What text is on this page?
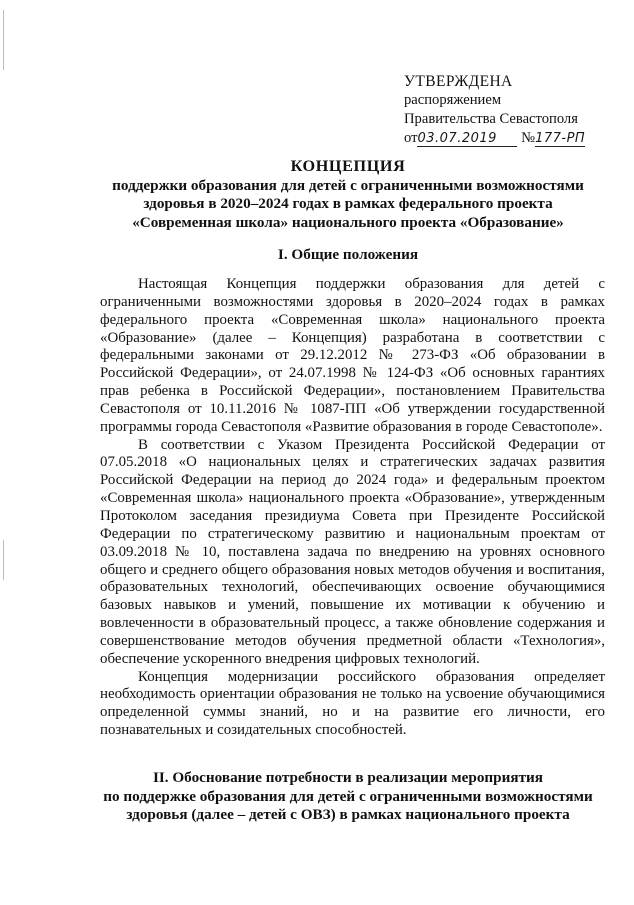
УТВЕРЖДЕНА
распоряжением
Правительства Севастополя
от03.07.2019 №177-РП
КОНЦЕПЦИЯ
поддержки образования для детей с ограниченными возможностями
здоровья в 2020–2024 годах в рамках федерального проекта
«Современная школа» национального проекта «Образование»
I. Общие положения

Настоящая Концепция поддержки образования для детей с ограниченными возможностями здоровья в 2020–2024 годах в рамках федерального проекта «Современная школа» национального проекта «Образование» (далее – Концепция) разработана в соответствии с федеральными законами от 29.12.2012 № 273-ФЗ «Об образовании в Российской Федерации», от 24.07.1998 № 124-ФЗ «Об основных гарантиях прав ребенка в Российской Федерации», постановлением Правительства Севастополя от 10.11.2016 № 1087-ПП «Об утверждении государственной программы города Севастополя «Развитие образования в городе Севастополе».

В соответствии с Указом Президента Российской Федерации от 07.05.2018 «О национальных целях и стратегических задачах развития Российской Федерации на период до 2024 года» и федеральным проектом «Современная школа» национального проекта «Образование», утвержденным Протоколом заседания президиума Совета при Президенте Российской Федерации по стратегическому развитию и национальным проектам от 03.09.2018 № 10, поставлена задача по внедрению на уровнях основного общего и среднего общего образования новых методов обучения и воспитания, образовательных технологий, обеспечивающих освоение обучающимися базовых навыков и умений, повышение их мотивации к обучению и вовлеченности в образовательный процесс, а также обновление содержания и совершенствование методов обучения предметной области «Технология», обеспечение ускоренного внедрения цифровых технологий.

Концепция модернизации российского образования определяет необходимость ориентации образования не только на усвоение обучающимися определенной суммы знаний, но и на развитие его личности, его познавательных и созидательных способностей.

II. Обоснование потребности в реализации мероприятия
по поддержке образования для детей с ограниченными возможностями
здоровья (далее – детей с ОВЗ) в рамках национального проекта
